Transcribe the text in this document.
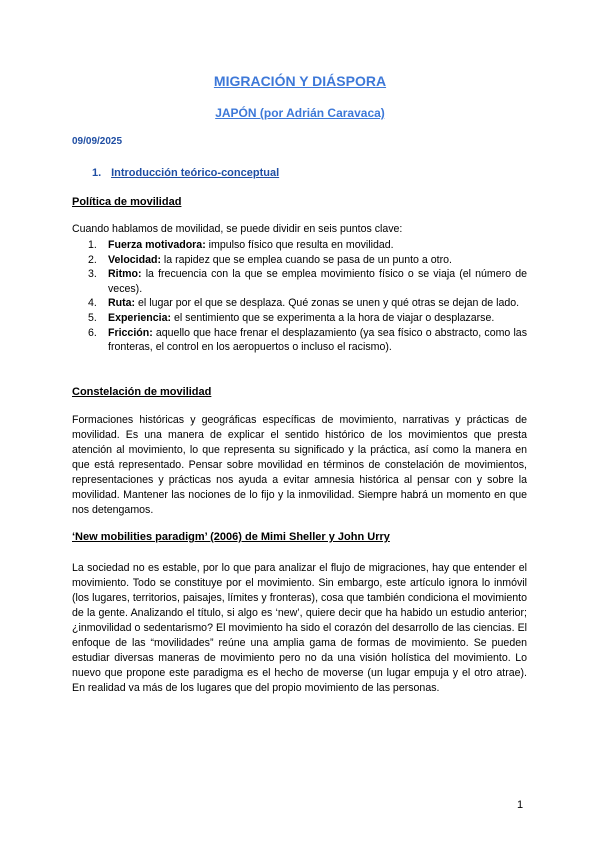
MIGRACIÓN Y DIÁSPORA
JAPÓN (por Adrián Caravaca)
09/09/2025
1. Introducción teórico-conceptual
Política de movilidad

Cuando hablamos de movilidad, se puede dividir en seis puntos clave:

1. Fuerza motivadora: impulso físico que resulta en movilidad.
2. Velocidad: la rapidez que se emplea cuando se pasa de un punto a otro.
3. Ritmo: la frecuencia con la que se emplea movimiento físico o se viaja (el número de veces).
4. Ruta: el lugar por el que se desplaza. Qué zonas se unen y qué otras se dejan de lado.
5. Experiencia: el sentimiento que se experimenta a la hora de viajar o desplazarse.
6. Fricción: aquello que hace frenar el desplazamiento (ya sea físico o abstracto, como las fronteras, el control en los aeropuertos o incluso el racismo).
Constelación de movilidad

Formaciones históricas y geográficas específicas de movimiento, narrativas y prácticas de movilidad. Es una manera de explicar el sentido histórico de los movimientos que presta atención al movimiento, lo que representa su significado y la práctica, así como la manera en que está representado. Pensar sobre movilidad en términos de constelación de movimientos, representaciones y prácticas nos ayuda a evitar amnesia histórica al pensar con y sobre la movilidad. Mantener las nociones de lo fijo y la inmovilidad. Siempre habrá un momento en que nos detengamos.

‘New mobilities paradigm’ (2006) de Mimi Sheller y John Urry

La sociedad no es estable, por lo que para analizar el flujo de migraciones, hay que entender el movimiento. Todo se constituye por el movimiento. Sin embargo, este artículo ignora lo inmóvil (los lugares, territorios, paisajes, límites y fronteras), cosa que también condiciona el movimiento de la gente. Analizando el título, si algo es ‘new’, quiere decir que ha habido un estudio anterior; ¿inmovilidad o sedentarismo? El movimiento ha sido el corazón del desarrollo de las ciencias. El enfoque de las “movilidades” reúne una amplia gama de formas de movimiento. Se pueden estudiar diversas maneras de movimiento pero no da una visión holística del movimiento. Lo nuevo que propone este paradigma es el hecho de moverse (un lugar empuja y el otro atrae). En realidad va más de los lugares que del propio movimiento de las personas.

1
